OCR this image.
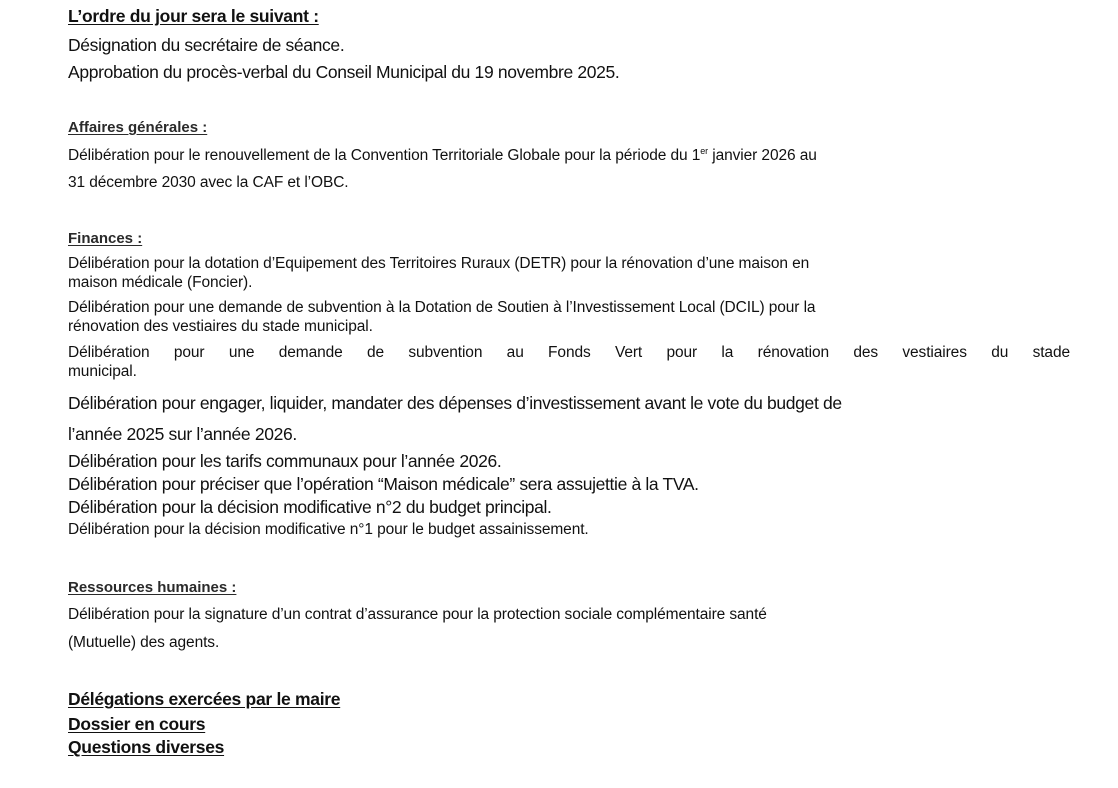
L’ordre du jour sera le suivant :
Désignation du secrétaire de séance.
Approbation du procès-verbal du Conseil Municipal du 19 novembre 2025.
Affaires générales :
Délibération pour le renouvellement de la Convention Territoriale Globale pour la période du 1er janvier 2026 au
31 décembre 2030 avec la CAF et l’OBC.
Finances :
Délibération pour la dotation d’Equipement des Territoires Ruraux (DETR) pour la rénovation d’une maison en
maison médicale (Foncier).
Délibération pour une demande de subvention à la Dotation de Soutien à l’Investissement Local (DCIL) pour la
rénovation des vestiaires du stade municipal.
Délibération pour une demande de subvention au Fonds Vert pour la rénovation des vestiaires du stade
municipal.
Délibération pour engager, liquider, mandater des dépenses d’investissement avant le vote du budget de
l’année 2025 sur l’année 2026.
Délibération pour les tarifs communaux pour l’année 2026.
Délibération pour préciser que l’opération “Maison médicale” sera assujettie à la TVA.
Délibération pour la décision modificative n°2 du budget principal.
Délibération pour la décision modificative n°1 pour le budget assainissement.
Ressources humaines :
Délibération pour la signature d’un contrat d’assurance pour la protection sociale complémentaire santé
(Mutuelle) des agents.
Délégations exercées par le maire
Dossier en cours
Questions diverses
